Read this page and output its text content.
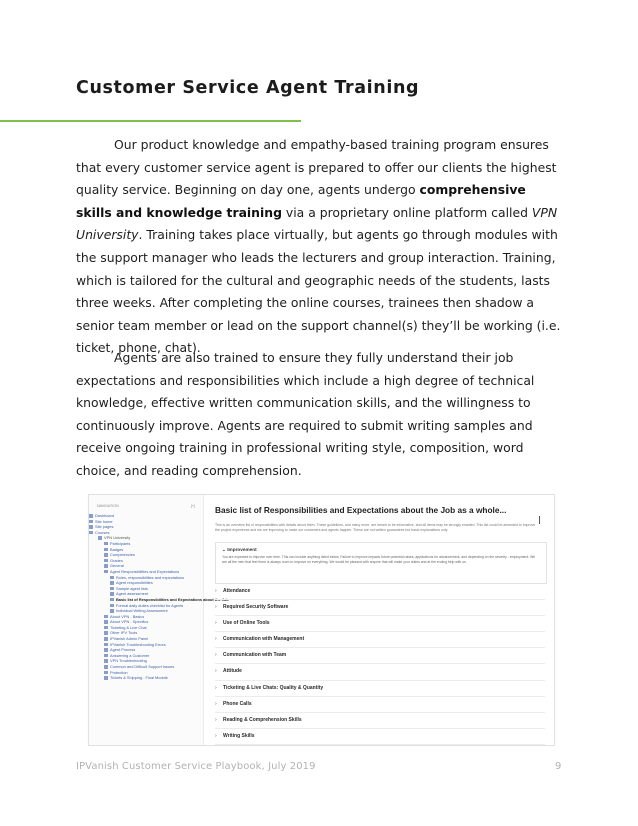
Customer Service Agent Training

Our product knowledge and empathy-based training program ensures that every customer service agent is prepared to offer our clients the highest quality service. Beginning on day one, agents undergo comprehensive skills and knowledge training via a proprietary online platform called VPN University. Training takes place virtually, but agents go through modules with the support manager who leads the lecturers and group interaction. Training, which is tailored for the cultural and geographic needs of the students, lasts three weeks. After completing the online courses, trainees then shadow a senior team member or lead on the support channel(s) they’ll be working (i.e. ticket, phone, chat).

Agents are also trained to ensure they fully understand their job expectations and responsibilities which include a high degree of technical knowledge, effective written communication skills, and the willingness to continuously improve. Agents are required to submit writing samples and receive ongoing training in professional writing style, composition, word choice, and reading comprehension.

NAVIGATION	[+]
Dashboard
Site home
Site pages
Courses
VPN University
Participants
Badges
Competencies
Grades
General
Agent Responsibilities and Expectations
Roles, responsibilities and expectations
Agent responsibilities
Sample agent lists
Agent assessment
Basic list of Responsibilities and Expectations about the Job
Formal daily duties checklist for Agents
Individual Writing Assessment
About VPN - Basics
About VPN - Specifics
Ticketing & Live Chat
Other IPV Tools
IPVanish Admin Panel
IPVanish Troubleshooting Errors
Agent Process
Answering a Customer
VPN Troubleshooting
Common and Difficult Support Issues
Protection
Tickets & Shipping - Final Module
Basic list of Responsibilities and Expectations about the Job as a whole...
This is an overview list of responsibilities with details about them. These guidelines, and many more, are meant to be informative, and all items may be strongly enacted. This list could be amended to improve the project experience and we are improving to make our customers and agents happier. These are not written guarantees but basic explanations only.
⌄ Improvement
You are expected to improve over time. This can include anything listed below. Failure to improve impacts future potential raises, applications for advancement, and depending on the severity - employment. We are all the men that feel there is always room to improve on everything. We would be pleased with anyone that will make your duties and at the ending help with us.
› Attendance
› Required Security Software
› Use of Online Tools
› Communication with Management
› Communication with Team
› Attitude
› Ticketing & Live Chats: Quality & Quantity
› Phone Calls
› Reading & Comprehension Skills
› Writing Skills

IPVanish Customer Service Playbook, July 2019	9
